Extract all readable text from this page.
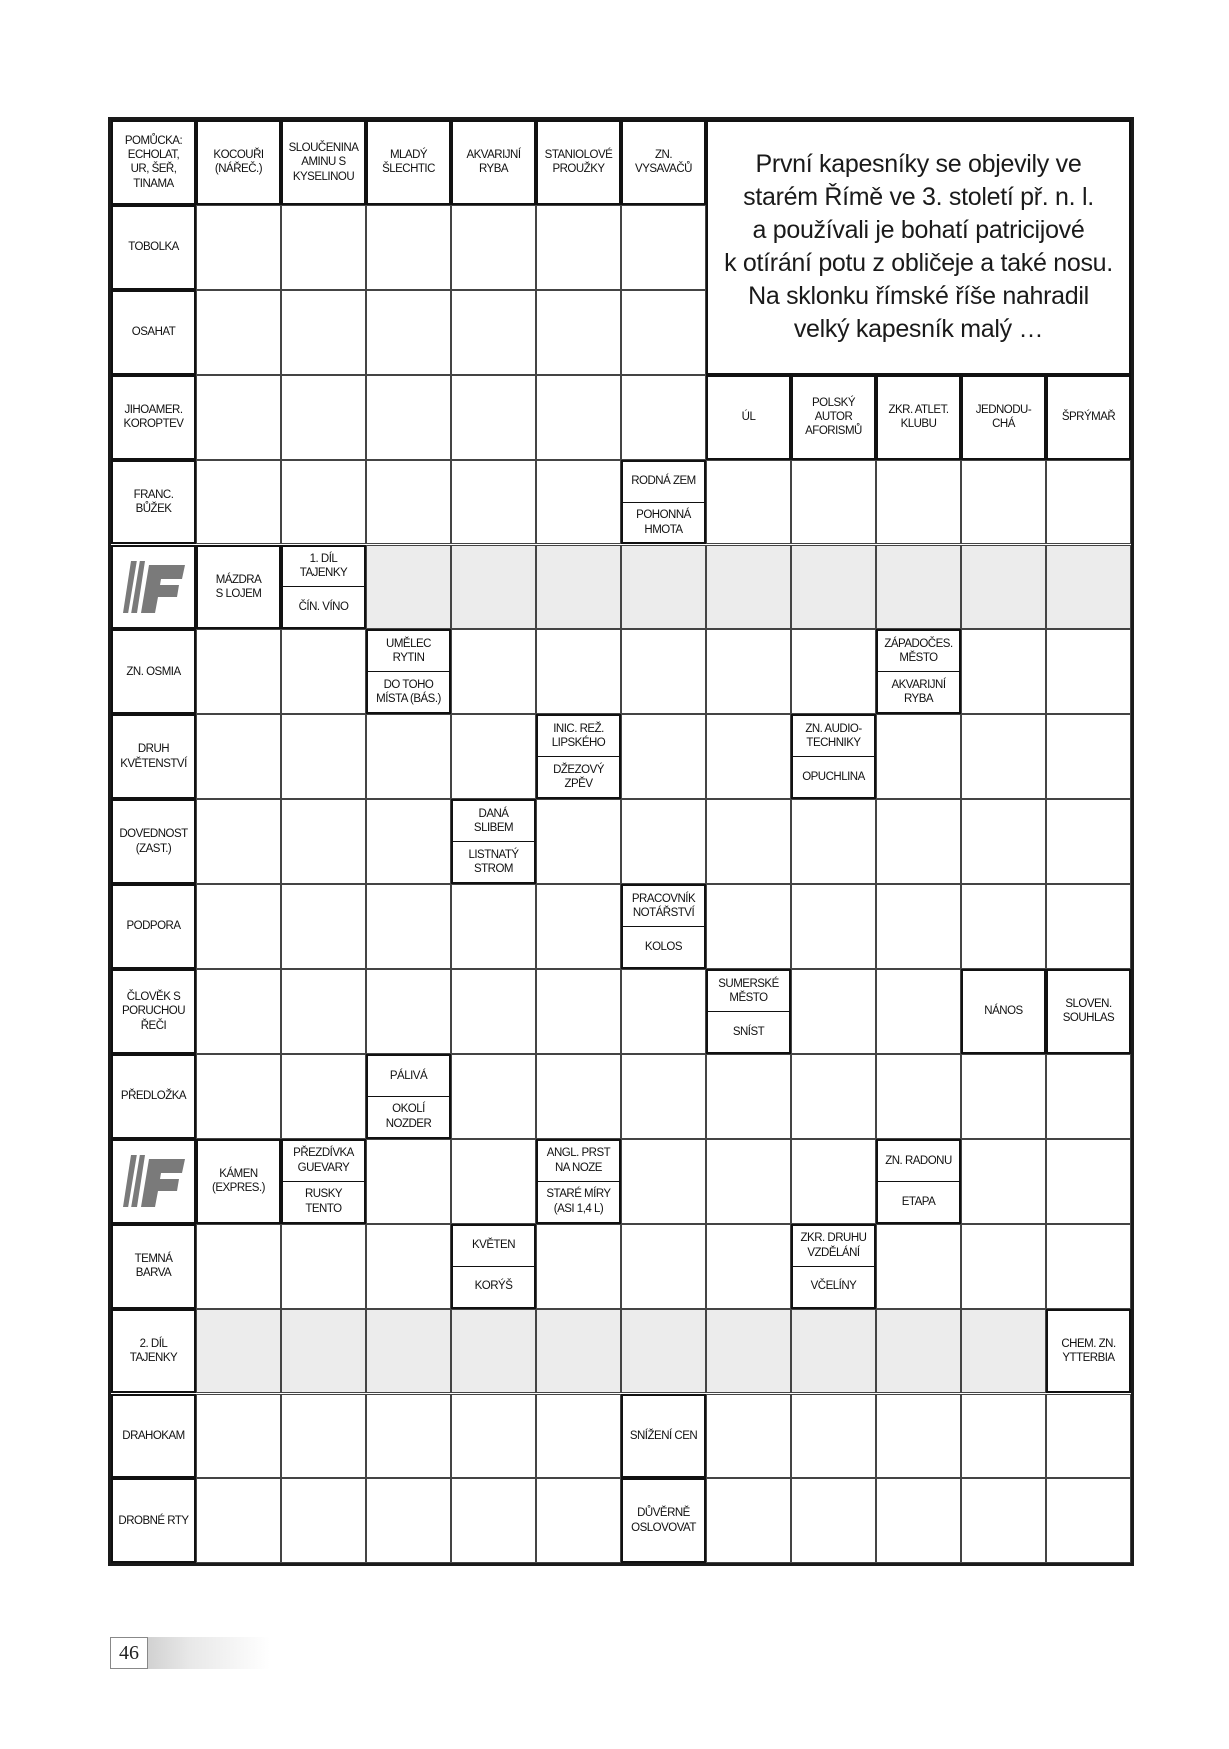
POMŮCKA:
ECHOLAT,
UR, ŠEŘ,
TINAMA
KOCOUŘI
(NÁŘEČ.)
SLOUČENINA
AMINU S
KYSELINOU
MLADÝ
ŠLECHTIC
AKVARIJNÍ
RYBA
STANIOLOVÉ
PROUŽKY
ZN.
VYSAVAČŮ
TOBOLKA
OSAHAT
JIHOAMER.
KOROPTEV
ÚL
POLSKÝ
AUTOR
AFORISMŮ
ZKR. ATLET.
KLUBU
JEDNODU-
CHÁ
ŠPRÝMAŘ
FRANC.
BŮŽEK
RODNÁ ZEM
POHONNÁ
HMOTA
MÁZDRA
S LOJEM
1. DÍL
TAJENKY
ČÍN. VÍNO
ZN. OSMIA
UMĚLEC
RYTIN
DO TOHO
MÍSTA (BÁS.)
ZÁPADOČES.
MĚSTO
AKVARIJNÍ
RYBA
DRUH
KVĚTENSTVÍ
INIC. REŽ.
LIPSKÉHO
DŽEZOVÝ
ZPĚV
ZN. AUDIO-
TECHNIKY
OPUCHLINA
DOVEDNOST
(ZAST.)
DANÁ
SLIBEM
LISTNATÝ
STROM
PODPORA
PRACOVNÍK
NOTÁŘSTVÍ
KOLOS
ČLOVĚK S
PORUCHOU
ŘEČI
SUMERSKÉ
MĚSTO
SNÍST
NÁNOS
SLOVEN.
SOUHLAS
PŘEDLOŽKA
PÁLIVÁ
OKOLÍ
NOZDER
KÁMEN
(EXPRES.)
PŘEZDÍVKA
GUEVARY
RUSKY
TENTO
ANGL. PRST
NA NOZE
STARÉ MÍRY
(ASI 1,4 L)
ZN. RADONU
ETAPA
TEMNÁ
BARVA
KVĚTEN
KORÝŠ
ZKR. DRUHU
VZDĚLÁNÍ
VČELÍNY
2. DÍL
TAJENKY
CHEM. ZN.
YTTERBIA
DRAHOKAM	SNÍŽENÍ CEN
DROBNÉ RTY
DŮVĚRNĚ
OSLOVOVAT
První kapesníky se objevily ve
starém Římě ve 3. století př. n. l.
a používali je bohatí patricijové
k otírání potu z obličeje a také nosu.
Na sklonku římské říše nahradil
velký kapesník malý …
46
